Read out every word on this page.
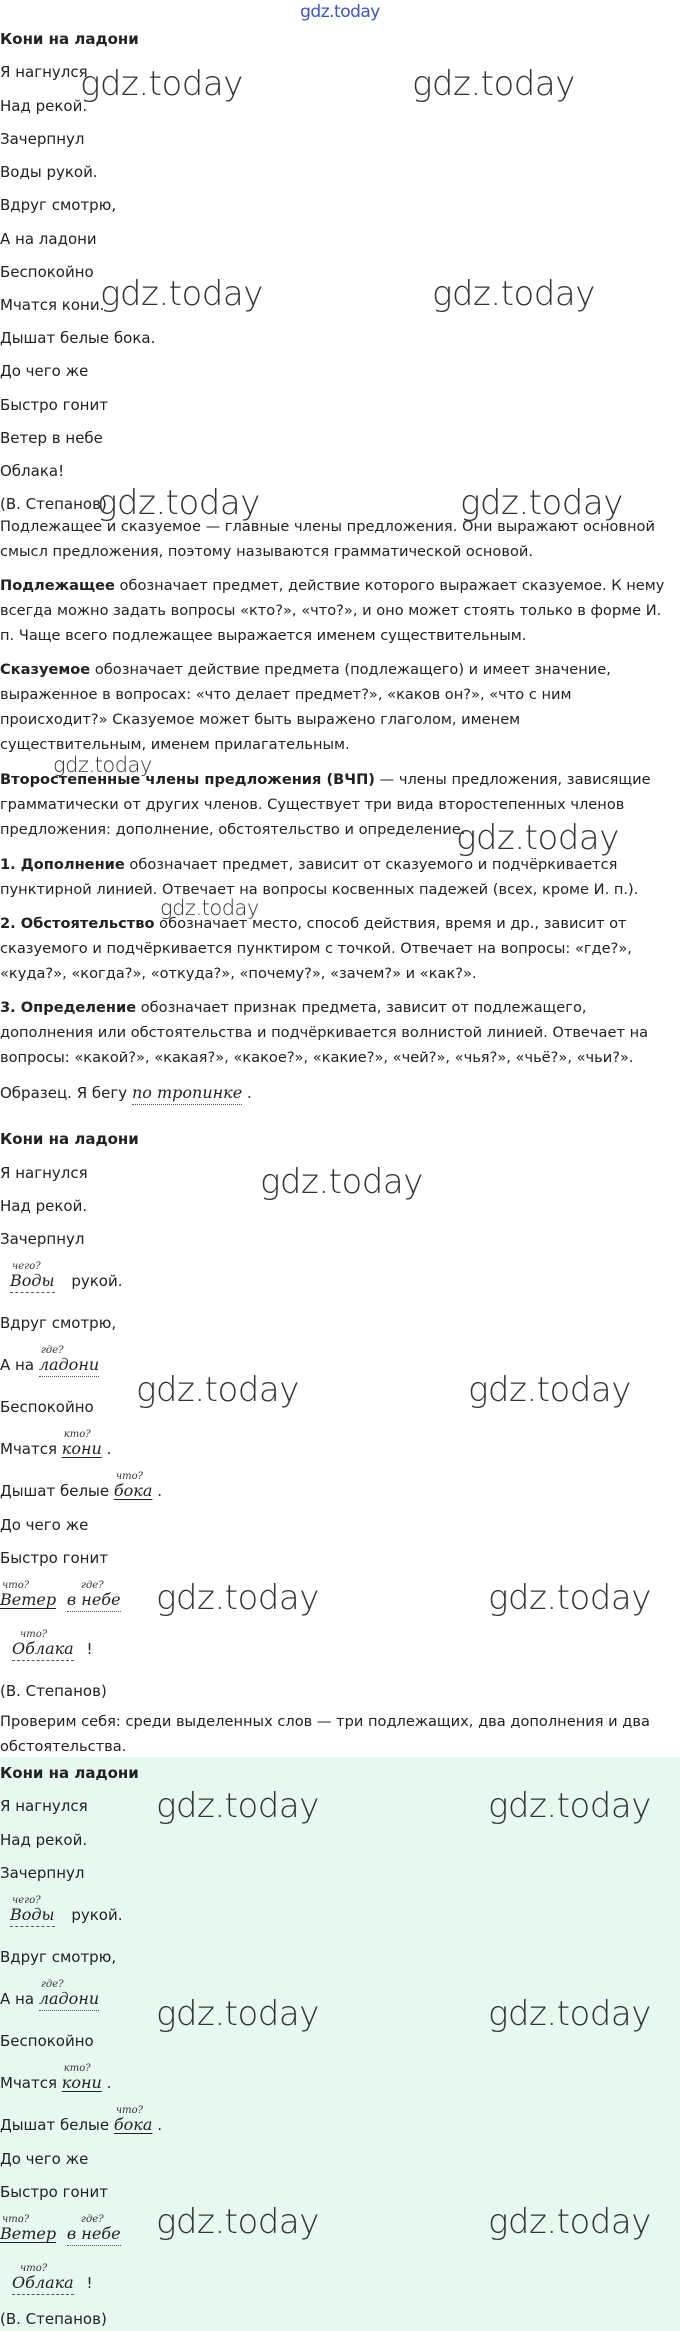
gdz.today
Кони на ладони
Я нагнулся
Над рекой.
Зачерпнул
Воды рукой.
Вдруг смотрю,
А на ладони
Беспокойно
Мчатся кони.
Дышат белые бока.
До чего же
Быстро гонит
Ветер в небе
Облака!
(В. Степанов)
Подлежащее и сказуемое — главные члены предложения. Они выражают основной смысл предложения, поэтому называются грамматической основой.
Подлежащее обозначает предмет, действие которого выражает сказуемое. К нему всегда можно задать вопросы «кто?», «что?», и оно может стоять только в форме И. п. Чаще всего подлежащее выражается именем существительным.
Сказуемое обозначает действие предмета (подлежащего) и имеет значение, выраженное в вопросах: «что делает предмет?», «каков он?», «что с ним происходит?» Сказуемое может быть выражено глаголом, именем существительным, именем прилагательным.
Второстепенные члены предложения (ВЧП) — члены предложения, зависящие грамматически от других членов. Существует три вида второстепенных членов предложения: дополнение, обстоятельство и определение.
1. Дополнение обозначает предмет, зависит от сказуемого и подчёркивается пунктирной линией. Отвечает на вопросы косвенных падежей (всех, кроме И. п.).
2. Обстоятельство обозначает место, способ действия, время и др., зависит от сказуемого и подчёркивается пунктиром с точкой. Отвечает на вопросы: «где?», «куда?», «когда?», «откуда?», «почему?», «зачем?» и «как?».
3. Определение обозначает признак предмета, зависит от подлежащего, дополнения или обстоятельства и подчёркивается волнистой линией. Отвечает на вопросы: «какой?», «какая?», «какое?», «какие?», «чей?», «чья?», «чьё?», «чьи?».
Образец. Я бегу по тропинке .
Кони на ладони
Я нагнулся
Над рекой.
Зачерпнул
чего?
Воды рукой.
Вдруг смотрю,
А на
где?
ладони
Беспокойно
Мчатся
кто?
кони .
Дышат белые
что?
бока .
До чего же
Быстро гонит
что?
Ветер
где?
в небе
что?
Облака !
(В. Степанов)
Проверим себя: среди выделенных слов — три подлежащих, два дополнения и два обстоятельства.
Кони на ладони
Я нагнулся
Над рекой.
Зачерпнул
чего?
Воды рукой.
Вдруг смотрю,
А на
где?
ладони
Беспокойно
Мчатся
кто?
кони .
Дышат белые
что?
бока .
До чего же
Быстро гонит
что?
Ветер
где?
в небе
что?
Облака !
(В. Степанов)
gdz.today	gdz.today
gdz.today	gdz.today
gdz.today	gdz.today
gdz.today
gdz.today
gdz.today
gdz.today
gdz.today	gdz.today
gdz.today	gdz.today
gdz.today	gdz.today
gdz.today	gdz.today
gdz.today	gdz.today
